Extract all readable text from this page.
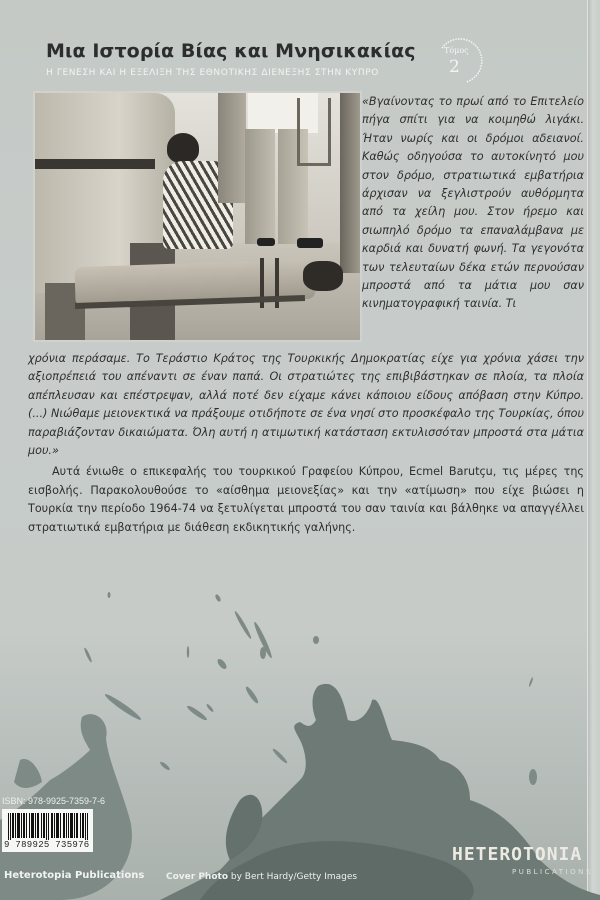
Μια Ιστορία Βίας και Μνησικακίας
Η ΓΕΝΕΣΗ ΚΑΙ Η ΕΞΕΛΙΞΗ ΤΗΣ ΕΘΝΟΤΙΚΗΣ ΔΙΕΝΕΞΗΣ ΣΤΗΝ ΚΥΠΡΟ
Τόμος
2

«Βγαίνοντας το πρωί από το Επιτελείο πήγα σπίτι για να κοιμηθώ λιγάκι. Ήταν νωρίς και οι δρόμοι αδειανοί. Καθώς οδηγούσα το αυτοκίνητό μου στον δρόμο, στρατιωτικά εμβατήρια άρχισαν να ξεγλιστρούν αυθόρμητα από τα χείλη μου. Στον ήρεμο και σιωπηλό δρόμο τα επαναλάμβανα με καρδιά και δυνατή φωνή. Τα γεγονότα των τελευταίων δέκα ετών περνούσαν μπροστά από τα μάτια μου σαν κινηματογραφική ταινία. Τι

χρόνια περάσαμε. Το Τεράστιο Κράτος της Τουρκικής Δημοκρατίας είχε για χρόνια χάσει την αξιοπρέπειά του απέναντι σε έναν παπά. Οι στρατιώτες της επιβιβάστηκαν σε πλοία, τα πλοία απέπλευσαν και επέστρεψαν, αλλά ποτέ δεν είχαμε κάνει κάποιου είδους απόβαση στην Κύπρο. (...) Νιώθαμε μειονεκτικά να πράξουμε οτιδήποτε σε ένα νησί στο προσκέφαλο της Τουρκίας, όπου παραβιάζονταν δικαιώματα. Όλη αυτή η ατιμωτική κατάσταση εκτυλισσόταν μπροστά στα μάτια μου.»

Αυτά ένιωθε ο επικεφαλής του τουρκικού Γραφείου Κύπρου, Ecmel Barutçu, τις μέρες της εισβολής. Παρακολουθούσε το «αίσθημα μειονεξίας» και την «ατίμωση» που είχε βιώσει η Τουρκία την περίοδο 1964-74 να ξετυλίγεται μπροστά του σαν ταινία και βάλθηκε να απαγγέλλει στρατιωτικά εμβατήρια με διάθεση εκδικητικής γαλήνης.

ISBN: 978-9925-7359-7-6
9 789925 735976
Heterotopia Publications Cover Photo by Bert Hardy/Getty Images
HETEROTONIA
PUBLICATIONS
